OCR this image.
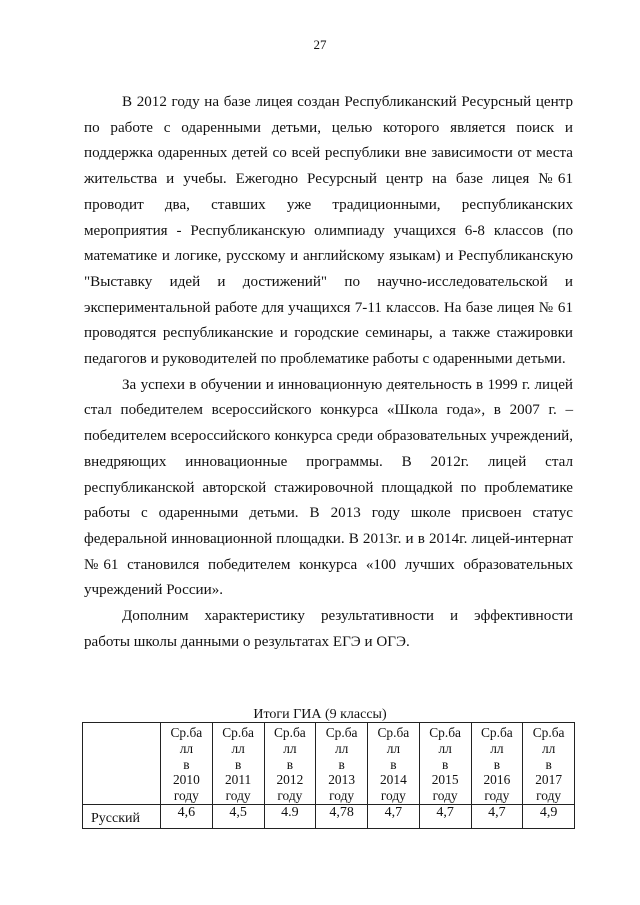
27

В 2012 году на базе лицея создан Республиканский Ресурсный центр по работе с одаренными детьми, целью которого является поиск и поддержка одаренных детей со всей республики вне зависимости от места жительства и учебы. Ежегодно Ресурсный центр на базе лицея №61 проводит два, ставших уже традиционными, республиканских мероприятия - Республиканскую олимпиаду учащихся 6-8 классов (по математике и логике, русскому и английскому языкам) и Республиканскую "Выставку идей и достижений" по научно-исследовательской и экспериментальной работе для учащихся 7-11 классов. На базе лицея № 61 проводятся республиканские и городские семинары, а также стажировки педагогов и руководителей по проблематике работы с одаренными детьми.

За успехи в обучении и инновационную деятельность в 1999 г. лицей стал победителем всероссийского конкурса «Школа года», в 2007 г. – победителем всероссийского конкурса среди образовательных учреждений, внедряющих инновационные программы. В 2012г. лицей стал республиканской авторской стажировочной площадкой по проблематике работы с одаренными детьми. В 2013 году школе присвоен статус федеральной инновационной площадки. В 2013г. и в 2014г. лицей-интернат №61 становился победителем конкурса «100 лучших образовательных учреждений России».

Дополним характеристику результативности и эффективности работы школы данными о результатах ЕГЭ и ОГЭ.

Итоги ГИА (9 классы)

	Ср.ба
лл
в
2010
году	Ср.ба
лл
в
2011
году	Ср.ба
лл
в
2012
году	Ср.ба
лл
в
2013
году	Ср.ба
лл
в
2014
году	Ср.ба
лл
в
2015
году	Ср.ба
лл
в
2016
году	Ср.ба
лл
в
2017
году

Русский	4,6	4,5	4.9	4,78	4,7	4,7	4,7	4,9
